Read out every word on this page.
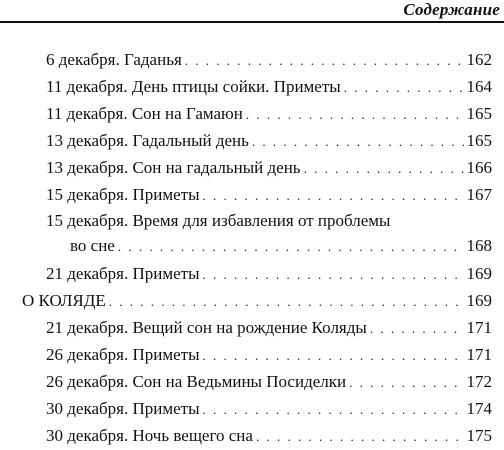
Содержание
6 декабря. Гаданья . . .	162
11 декабря. День птицы сойки. Приметы . . .	164
11 декабря. Сон на Гамаюн . . .	165
13 декабря. Гадальный день . . .	165
13 декабря. Сон на гадальный день . . .	166
15 декабря. Приметы . . .	167
15 декабря. Время для избавления от проблемы
во сне . . .	168
21 декабря. Приметы . . .	169
О КОЛЯДЕ . . .	169
21 декабря. Вещий сон на рождение Коляды . . .	171
26 декабря. Приметы . . .	171
26 декабря. Сон на Ведьмины Посиделки . . .	172
30 декабря. Приметы . . .	174
30 декабря. Ночь вещего сна . . .	175
